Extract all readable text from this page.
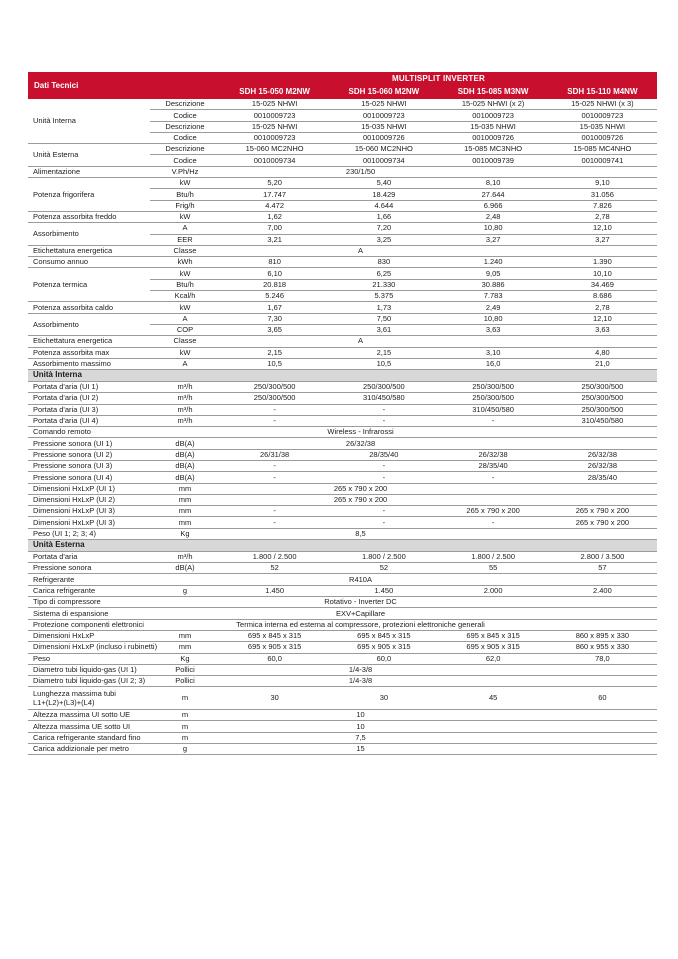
Dati Tecnici		MULTISPLIT INVERTER			
		SDH 15-050 M2NW	SDH 15-060 M2NW	SDH 15-085 M3NW	SDH 15-110 M4NW
Unità Interna	Descrizione	15-025 NHWI	15-025 NHWI	15-025 NHWI (x 2)	15-025 NHWI (x 3)
	Codice	0010009723	0010009723	0010009723	0010009723
	Descrizione	15-025 NHWI	15-035 NHWI	15-035 NHWI	15-035 NHWI
	Codice	0010009723	0010009726	0010009726	0010009726
Unità Esterna	Descrizione	15-060 MC2NHO	15-060 MC2NHO	15-085 MC3NHO	15-085 MC4NHO
	Codice	0010009734	0010009734	0010009739	0010009741
Alimentazione	V.Ph/Hz	230/1/50			
Potenza frigorifera	kW	5,20	5,40	8,10	9,10
	Btu/h	17.747	18.429	27.644	31.056
	Frig/h	4.472	4.644	6.966	7.826
Potenza assorbita freddo	kW	1,62	1,66	2,48	2,78
Assorbimento	A	7,00	7,20	10,80	12,10
	EER	3,21	3,25	3,27	3,27
Etichettatura energetica	Classe	A			
Consumo annuo	kWh	810	830	1.240	1.390
Potenza termica	kW	6,10	6,25	9,05	10,10
	Btu/h	20.818	21.330	30.886	34.469
	Kcal/h	5.246	5.375	7.783	8.686
Potenza assorbita caldo	kW	1,67	1,73	2,49	2,78
Assorbimento	A	7,30	7,50	10,80	12,10
	COP	3,65	3,61	3,63	3,63
Etichettatura energetica	Classe	A			
Potenza assorbita max	kW	2,15	2,15	3,10	4,80
Assorbimento massimo	A	10,5	10,5	16,0	21,0
Unità Interna					
Portata d'aria (UI 1)	m³/h	250/300/500	250/300/500	250/300/500	250/300/500
Portata d'aria (UI 2)	m³/h	250/300/500	310/450/580	250/300/500	250/300/500
Portata d'aria (UI 3)	m³/h	-	-	310/450/580	250/300/500
Portata d'aria (UI 4)	m³/h	-	-	-	310/450/580
Comando remoto		Wireless - Infrarossi			
Pressione sonora (UI 1)	dB(A)	26/32/38			
Pressione sonora (UI 2)	dB(A)	26/31/38	28/35/40	26/32/38	26/32/38
Pressione sonora (UI 3)	dB(A)	-	-	28/35/40	26/32/38
Pressione sonora (UI 4)	dB(A)	-	-	-	28/35/40
Dimensioni HxLxP (UI 1)	mm	265 x 790 x 200			
Dimensioni HxLxP (UI 2)	mm	265 x 790 x 200			
Dimensioni HxLxP (UI 3)	mm	-	-	265 x 790 x 200	265 x 790 x 200
Dimensioni HxLxP (UI 3)	mm	-	-	-	265 x 790 x 200
Peso (UI 1; 2; 3; 4)	Kg	8,5			
Unità Esterna					
Portata d'aria	m³/h	1.800 / 2.500	1.800 / 2.500	1.800 / 2.500	2.800 / 3.500
Pressione sonora	dB(A)	52	52	55	57
Refrigerante		R410A			
Carica refrigerante	g	1.450	1.450	2.000	2.400
Tipo di compressore		Rotativo - Inverter DC			
Sistema di espansione		EXV+Capillare			
Protezione componenti elettronici		Termica interna ed esterna al compressore, protezioni elettroniche generali			
Dimensioni HxLxP	mm	695 x 845 x 315	695 x 845 x 315	695 x 845 x 315	860 x 895 x 330
Dimensioni HxLxP (incluso i rubinetti)	mm	695 x 905 x 315	695 x 905 x 315	695 x 905 x 315	860 x 955 x 330
Peso	Kg	60,0	60,0	62,0	78,0
Diametro tubi liquido-gas (UI 1)	Pollici	1/4-3/8			
Diametro tubi liquido-gas (UI 2; 3)	Pollici	1/4-3/8			

Lunghezza massima tubi
L1+(L2)+(L3)+(L4)	m	30	30	45	60
Altezza massima UI sotto UE	m	10			
Altezza massima UE sotto UI	m	10			
Carica refrigerante standard fino	m	7,5			
Carica addizionale per metro	g	15			
